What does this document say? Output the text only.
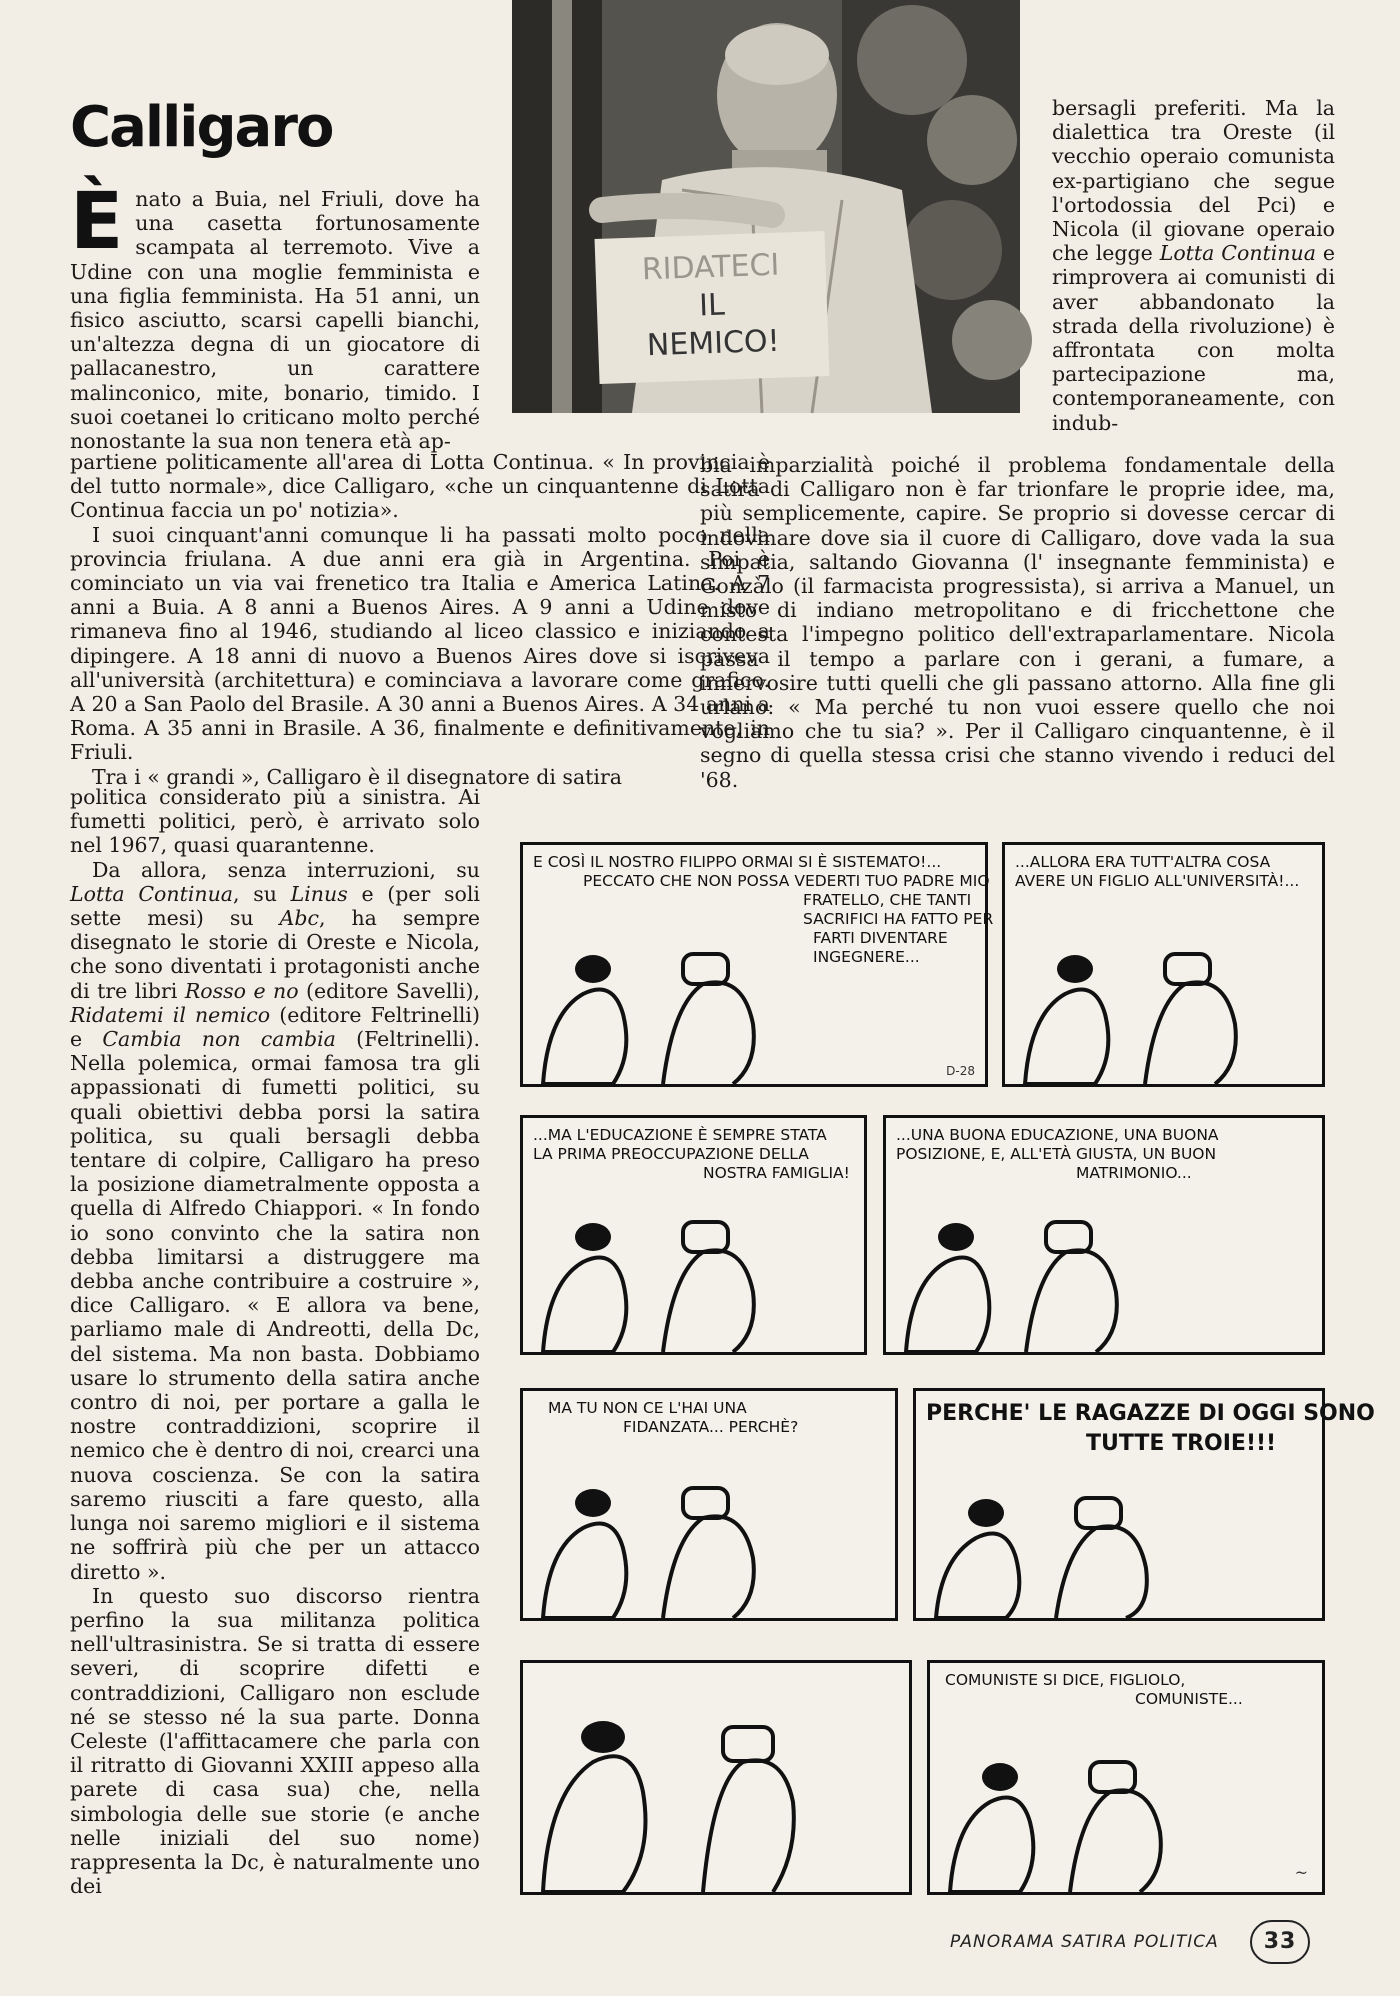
Calligaro
RIDATECI
IL
NEMICO!

Ènato a Buia, nel Friuli, dove ha una casetta fortunosamente scampata al terremoto. Vive a Udine con una moglie femminista e una figlia femminista. Ha 51 anni, un fisico asciutto, scarsi capelli bianchi, un'altezza degna di un giocatore di pallacanestro, un carattere malinconico, mite, bonario, timido. I suoi coetanei lo criticano molto perché nonostante la sua non tenera età ap-

partiene politicamente all'area di Lotta Continua. « In provincia è del tutto normale», dice Calligaro, «che un cinquantenne di Lotta Continua faccia un po' notizia».

I suoi cinquant'anni comunque li ha passati molto poco nella provincia friulana. A due anni era già in Argentina. Poi è cominciato un via vai frenetico tra Italia e America Latina. A 7 anni a Buia. A 8 anni a Buenos Aires. A 9 anni a Udine dove rimaneva fino al 1946, studiando al liceo classico e iniziando a dipingere. A 18 anni di nuovo a Buenos Aires dove si iscriveva all'università (architettura) e cominciava a lavorare come grafico. A 20 a San Paolo del Brasile. A 30 anni a Buenos Aires. A 34 anni a Roma. A 35 anni in Brasile. A 36, finalmente e definitivamente, in Friuli.

Tra i « grandi », Calligaro è il disegnatore di satira

politica considerato più a sinistra. Ai fumetti politici, però, è arrivato solo nel 1967, quasi quarantenne.

Da allora, senza interruzioni, su Lotta Continua, su Linus e (per soli sette mesi) su Abc, ha sempre disegnato le storie di Oreste e Nicola, che sono diventati i protagonisti anche di tre libri Rosso e no (editore Savelli), Ridatemi il nemico (editore Feltrinelli) e Cambia non cambia (Feltrinelli). Nella polemica, ormai famosa tra gli appassionati di fumetti politici, su quali obiettivi debba porsi la satira politica, su quali bersagli debba tentare di colpire, Calligaro ha preso la posizione diametralmente opposta a quella di Alfredo Chiappori. « In fondo io sono convinto che la satira non debba limitarsi a distruggere ma debba anche contribuire a costruire », dice Calligaro. « E allora va bene, parliamo male di Andreotti, della Dc, del sistema. Ma non basta. Dobbiamo usare lo strumento della satira anche contro di noi, per portare a galla le nostre contraddizioni, scoprire il nemico che è dentro di noi, crearci una nuova coscienza. Se con la satira saremo riusciti a fare questo, alla lunga noi saremo migliori e il sistema ne soffrirà più che per un attacco diretto ».

In questo suo discorso rientra perfino la sua militanza politica nell'ultrasinistra. Se si tratta di essere severi, di scoprire difetti e contraddizioni, Calligaro non esclude né se stesso né la sua parte. Donna Celeste (l'affittacamere che parla con il ritratto di Giovanni XXIII appeso alla parete di casa sua) che, nella simbologia delle sue storie (e anche nelle iniziali del suo nome) rappresenta la Dc, è naturalmente uno dei

bersagli preferiti. Ma la dialettica tra Oreste (il vecchio operaio comunista ex-partigiano che segue l'ortodossia del Pci) e Nicola (il giovane operaio che legge Lotta Continua e rimprovera ai comunisti di aver abbandonato la strada della rivoluzione) è affrontata con molta partecipazione ma, contemporaneamente, con indub-

bia imparzialità poiché il problema fondamentale della satira di Calligaro non è far trionfare le proprie idee, ma, più semplicemente, capire. Se proprio si dovesse cercar di indovinare dove sia il cuore di Calligaro, dove vada la sua simpatia, saltando Giovanna (l' insegnante femminista) e Gonzàlo (il farmacista progressista), si arriva a Manuel, un misto di indiano metropolitano e di fricchettone che contesta l'impegno politico dell'extraparlamentare. Nicola passa il tempo a parlare con i gerani, a fumare, a innervosire tutti quelli che gli passano attorno. Alla fine gli urlano: « Ma perché tu non vuoi essere quello che noi vogliamo che tu sia? ». Per il Calligaro cinquantenne, è il segno di quella stessa crisi che stanno vivendo i reduci del '68.

E COSÌ IL NOSTRO FILIPPO ORMAI SI È SISTEMATO!...
PECCATO CHE NON POSSA VEDERTI TUO PADRE MIO
FRATELLO, CHE TANTI
SACRIFICI HA FATTO PER
FARTI DIVENTARE
INGEGNERE...
D-28
...ALLORA ERA TUTT'ALTRA COSA
AVERE UN FIGLIO ALL'UNIVERSITÀ!...
...MA L'EDUCAZIONE È SEMPRE STATA
LA PRIMA PREOCCUPAZIONE DELLA
NOSTRA FAMIGLIA!
...UNA BUONA EDUCAZIONE, UNA BUONA
POSIZIONE, E, ALL'ETÀ GIUSTA, UN BUON
MATRIMONIO...
MA TU NON CE L'HAI UNA
FIDANZATA... PERCHÈ?
PERCHE' LE RAGAZZE DI OGGI SONO
TUTTE TROIE!!!
COMUNISTE SI DICE, FIGLIOLO,
COMUNISTE...
~
PANORAMA SATIRA POLITICA	33
